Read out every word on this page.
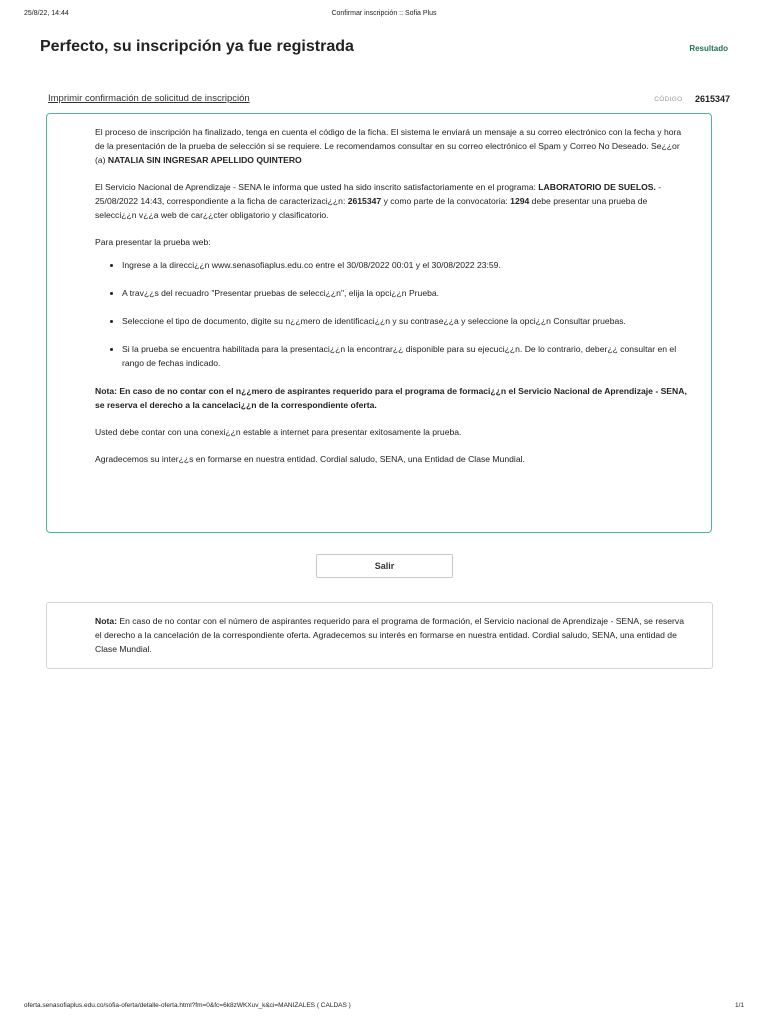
25/8/22, 14:44	Confirmar inscripción :: Sofia Plus
Perfecto, su inscripción ya fue registrada	Resultado
Imprimir confirmación de solicitud de inscripción	CÓDIGO 2615347

El proceso de inscripción ha finalizado, tenga en cuenta el código de la ficha. El sistema le enviará un mensaje a su correo electrónico con la fecha y hora de la presentación de la prueba de selección si se requiere. Le recomendamos consultar en su correo electrónico el Spam y Correo No Deseado. Se¿¿or (a) NATALIA SIN INGRESAR APELLIDO QUINTERO

El Servicio Nacional de Aprendizaje - SENA le informa que usted ha sido inscrito satisfactoriamente en el programa: LABORATORIO DE SUELOS. - 25/08/2022 14:43, correspondiente a la ficha de caracterizaci¿¿n: 2615347 y como parte de la convocatoria: 1294 debe presentar una prueba de selecci¿¿n v¿¿a web de car¿¿cter obligatorio y clasificatorio.

Para presentar la prueba web:

• Ingrese a la direcci¿¿n www.senasofiaplus.edu.co entre el 30/08/2022 00:01 y el 30/08/2022 23:59.
• A trav¿¿s del recuadro "Presentar pruebas de selecci¿¿n", elija la opci¿¿n Prueba.
• Seleccione el tipo de documento, digite su n¿¿mero de identificaci¿¿n y su contrase¿¿a y seleccione la opci¿¿n Consultar pruebas.
• Si la prueba se encuentra habilitada para la presentaci¿¿n la encontrar¿¿ disponible para su ejecuci¿¿n. De lo contrario, deber¿¿ consultar en el rango de fechas indicado.

Nota: En caso de no contar con el n¿¿mero de aspirantes requerido para el programa de formaci¿¿n el Servicio Nacional de Aprendizaje - SENA, se reserva el derecho a la cancelaci¿¿n de la correspondiente oferta.

Usted debe contar con una conexi¿¿n estable a internet para presentar exitosamente la prueba.

Agradecemos su inter¿¿s en formarse en nuestra entidad. Cordial saludo, SENA, una Entidad de Clase Mundial.

Salir

Nota: En caso de no contar con el número de aspirantes requerido para el programa de formación, el Servicio nacional de Aprendizaje - SENA, se reserva el derecho a la cancelación de la correspondiente oferta. Agradecemos su interés en formarse en nuestra entidad. Cordial saludo, SENA, una entidad de Clase Mundial.

oferta.senasofiaplus.edu.co/sofia-oferta/detalle-oferta.html?fm=0&fc=6k8zWKXuv_k&ci=MANIZALES ( CALDAS )	1/1
